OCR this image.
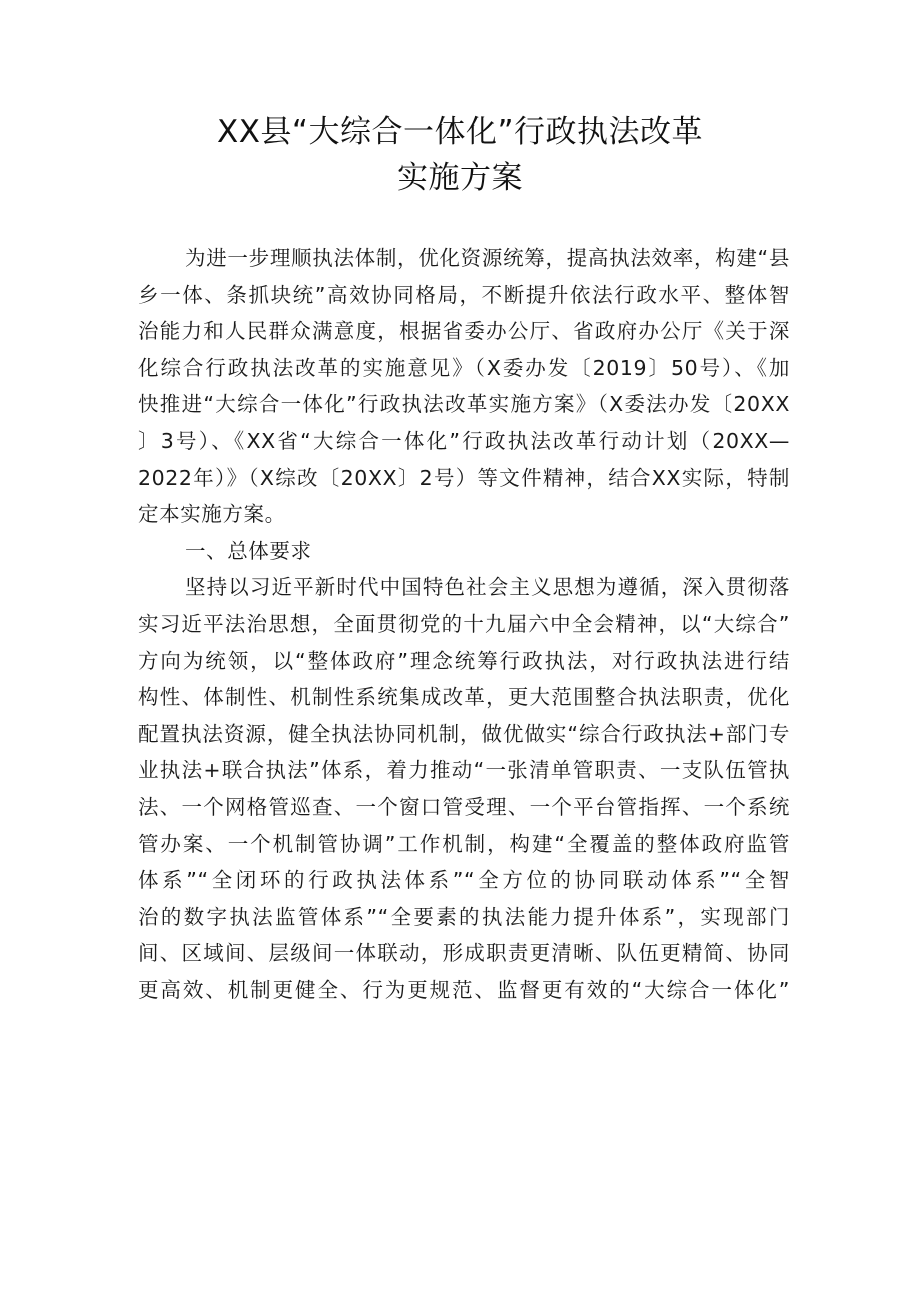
XX县“大综合一体化”行政执法改革
实施方案
为进一步理顺执法体制，优化资源统筹，提高执法效率，构建“县
乡一体、条抓块统”高效协同格局，不断提升依法行政水平、整体智
治能力和人民群众满意度，根据省委办公厅、省政府办公厅《关于深
化综合行政执法改革的实施意见》（X委办发〔2019〕50号）、《加
快推进“大综合一体化”行政执法改革实施方案》（X委法办发〔20XX
〕3号）、《XX省“大综合一体化”行政执法改革行动计划（20XX—
2022年）》（X综改〔20XX〕2号）等文件精神，结合XX实际，特制
定本实施方案。
一、总体要求
坚持以习近平新时代中国特色社会主义思想为遵循，深入贯彻落
实习近平法治思想，全面贯彻党的十九届六中全会精神，以“大综合”
方向为统领，以“整体政府”理念统筹行政执法，对行政执法进行结
构性、体制性、机制性系统集成改革，更大范围整合执法职责，优化
配置执法资源，健全执法协同机制，做优做实“综合行政执法+部门专
业执法+联合执法”体系，着力推动“一张清单管职责、一支队伍管执
法、一个网格管巡查、一个窗口管受理、一个平台管指挥、一个系统
管办案、一个机制管协调”工作机制，构建“全覆盖的整体政府监管
体系”“全闭环的行政执法体系”“全方位的协同联动体系”“全智
治的数字执法监管体系”“全要素的执法能力提升体系”，实现部门
间、区域间、层级间一体联动，形成职责更清晰、队伍更精简、协同
更高效、机制更健全、行为更规范、监督更有效的“大综合一体化”
